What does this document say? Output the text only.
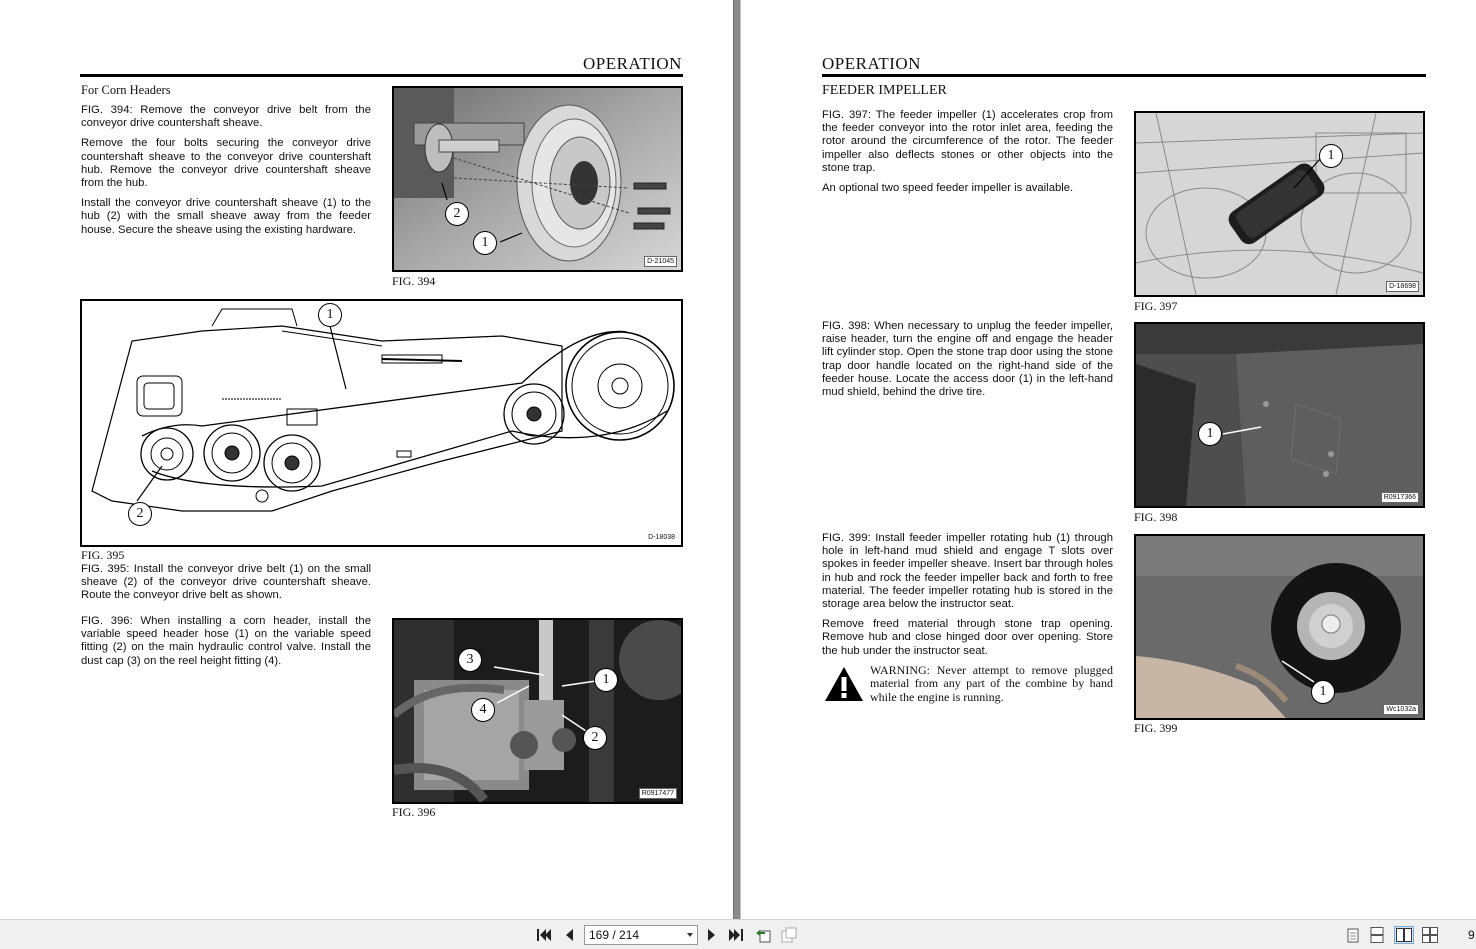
OPERATION
For Corn Headers

FIG. 394: Remove the conveyor drive belt from the conveyor drive countershaft sheave.

Remove the four bolts securing the conveyor drive countershaft sheave to the conveyor drive countershaft hub. Remove the conveyor drive countershaft sheave from the hub.

Install the conveyor drive countershaft sheave (1) to the hub (2) with the small sheave away from the feeder house. Secure the sheave using the existing hardware.

2
1
D-21045
FIG. 394
1
2
D-18038
FIG. 395

FIG. 395: Install the conveyor drive belt (1) on the small sheave (2) of the conveyor drive countershaft sheave. Route the conveyor drive belt as shown.

FIG. 396: When installing a corn header, install the variable speed header hose (1) on the variable speed fitting (2) on the main hydraulic control valve. Install the dust cap (3) on the reel height fitting (4).	3
1
4
2
R0917477
FIG. 396
OPERATION
FEEDER IMPELLER

FIG. 397: The feeder impeller (1) accelerates crop from the feeder conveyor into the rotor inlet area, feeding the rotor around the circumference of the rotor. The feeder impeller also deflects stones or other objects into the stone trap.

An optional two speed feeder impeller is available.

1
D-18698
FIG. 397

FIG. 398: When necessary to unplug the feeder impeller, raise header, turn the engine off and engage the header lift cylinder stop. Open the stone trap door using the stone trap door handle located on the right-hand side of the feeder house. Locate the access door (1) in the left-hand mud shield, behind the drive tire.

1
R0917366
FIG. 398

FIG. 399: Install feeder impeller rotating hub (1) through hole in left-hand mud shield and engage T slots over spokes in feeder impeller sheave. Insert bar through holes in hub and rock the feeder impeller back and forth to free material. The feeder impeller rotating hub is stored in the storage area below the instructor seat.

Remove freed material through stone trap opening. Remove hub and close hinged door over opening. Store the hub under the instructor seat.

WARNING: Never attempt to remove plugged material from any part of the combine by hand while the engine is running.	1
Wc1032a
FIG. 399
169 / 214	9
